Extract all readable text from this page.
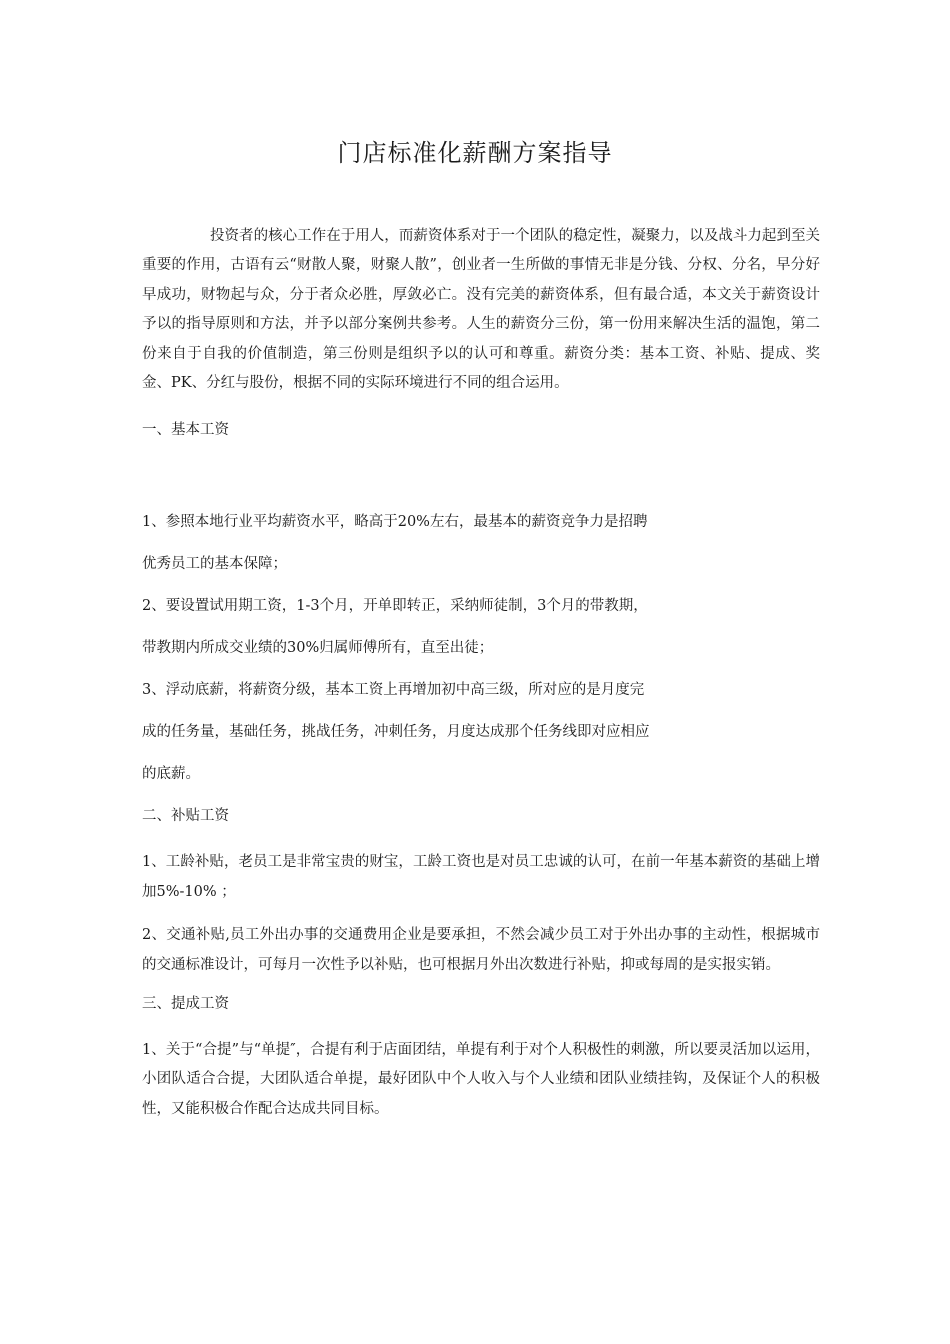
门店标准化薪酬方案指导

投资者的核心工作在于用人，而薪资体系对于一个团队的稳定性，凝聚力，以及战斗力起到至关重要的作用，古语有云“财散人聚，财聚人散”，创业者一生所做的事情无非是分钱、分权、分名，早分好早成功，财物起与众，分于者众必胜，厚敛必亡。没有完美的薪资体系，但有最合适，本文关于薪资设计予以的指导原则和方法，并予以部分案例共参考。人生的薪资分三份，第一份用来解决生活的温饱，第二份来自于自我的价值制造，第三份则是组织予以的认可和尊重。薪资分类：基本工资、补贴、提成、奖金、PK、分红与股份，根据不同的实际环境进行不同的组合运用。

一、基本工资

1、参照本地行业平均薪资水平，略高于20%左右，最基本的薪资竞争力是招聘

优秀员工的基本保障；

2、要设置试用期工资，1-3个月，开单即转正，采纳师徒制，3个月的带教期，

带教期内所成交业绩的30%归属师傅所有，直至出徒；

3、浮动底薪，将薪资分级，基本工资上再增加初中高三级，所对应的是月度完

成的任务量，基础任务，挑战任务，冲刺任务，月度达成那个任务线即对应相应

的底薪。

二、补贴工资

1、工龄补贴，老员工是非常宝贵的财宝，工龄工资也是对员工忠诚的认可，在前一年基本薪资的基础上增加5%-10% ；

2、交通补贴,员工外出办事的交通费用企业是要承担，不然会减少员工对于外出办事的主动性，根据城市的交通标准设计，可每月一次性予以补贴，也可根据月外出次数进行补贴，抑或每周的是实报实销。

三、提成工资

1、关于“合提”与“单提″，合提有利于店面团结，单提有利于对个人积极性的刺激，所以要灵活加以运用，小团队适合合提，大团队适合单提，最好团队中个人收入与个人业绩和团队业绩挂钩，及保证个人的积极性，又能积极合作配合达成共同目标。
